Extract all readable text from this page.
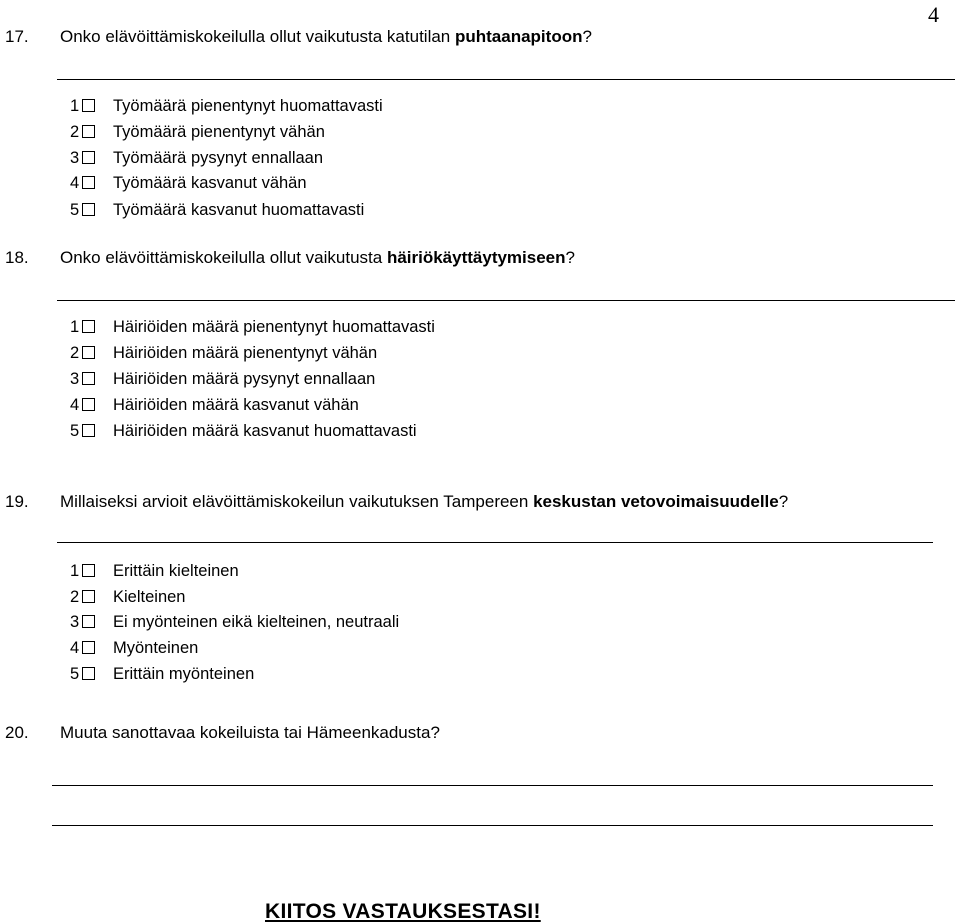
4
17. Onko elävöittämiskokeilulla ollut vaikutusta katutilan puhtaanapitoon?
1 Työmäärä pienentynyt huomattavasti
2 Työmäärä pienentynyt vähän
3 Työmäärä pysynyt ennallaan
4 Työmäärä kasvanut vähän
5 Työmäärä kasvanut huomattavasti
18. Onko elävöittämiskokeilulla ollut vaikutusta häiriökäyttäytymiseen?
1 Häiriöiden määrä pienentynyt huomattavasti
2 Häiriöiden määrä pienentynyt vähän
3 Häiriöiden määrä pysynyt ennallaan
4 Häiriöiden määrä kasvanut vähän
5 Häiriöiden määrä kasvanut huomattavasti
19. Millaiseksi arvioit elävöittämiskokeilun vaikutuksen Tampereen keskustan vetovoimaisuudelle?
1 Erittäin kielteinen
2 Kielteinen
3 Ei myönteinen eikä kielteinen, neutraali
4 Myönteinen
5 Erittäin myönteinen
20. Muuta sanottavaa kokeiluista tai Hämeenkadusta?
KIITOS VASTAUKSESTASI!
